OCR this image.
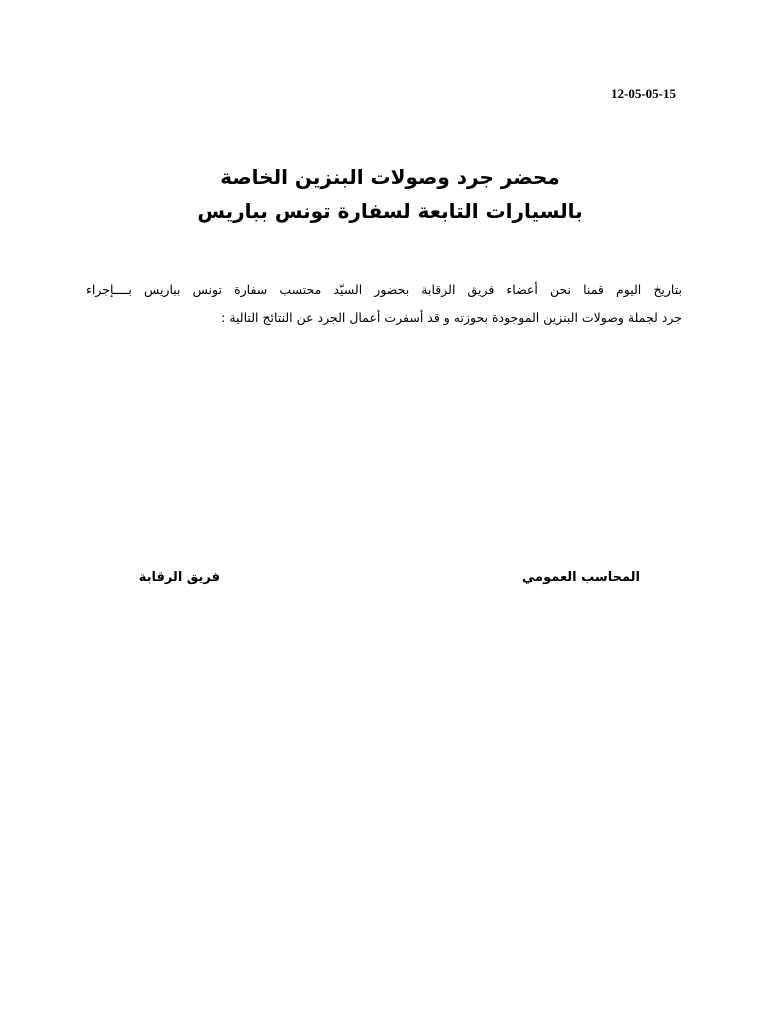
12-05-05-15
محضر جرد وصولات البنزين الخاصة
بالسيارات التابعة لسفارة تونس بباريس
بتاريخ اليوم قمنا نحن أعضاء فريق الرقابة بحضور السيّد محتسب سفارة تونس بباريس بــــإجراء
جرد لجملة وصولات البنزين الموجودة بحوزته و قد أسفرت أعمال الجرد عن النتائج التالية :
المحاسب العمومي
فريق الرقابة
